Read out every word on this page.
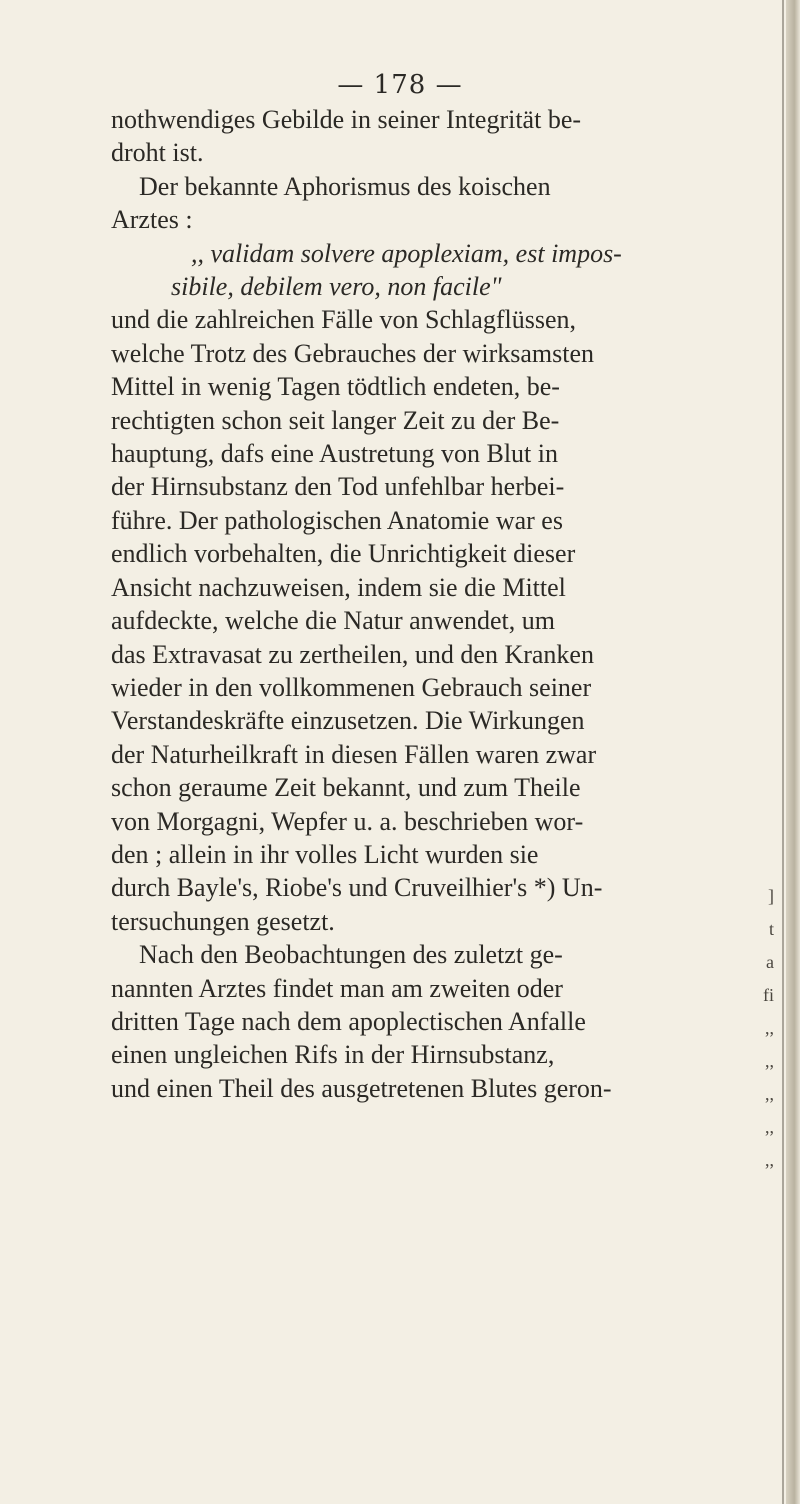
— 178 —
nothwendiges Gebilde in seiner Integrität be-
droht ist.
Der bekannte Aphorismus des koischen
Arztes :
,, validam solvere apoplexiam, est impos-
sibile, debilem vero, non facile"
und die zahlreichen Fälle von Schlagflüssen,
welche Trotz des Gebrauches der wirksamsten
Mittel in wenig Tagen tödtlich endeten, be-
rechtigten schon seit langer Zeit zu der Be-
hauptung, dafs eine Austretung von Blut in
der Hirnsubstanz den Tod unfehlbar herbei-
führe. Der pathologischen Anatomie war es
endlich vorbehalten, die Unrichtigkeit dieser
Ansicht nachzuweisen, indem sie die Mittel
aufdeckte, welche die Natur anwendet, um
das Extravasat zu zertheilen, und den Kranken
wieder in den vollkommenen Gebrauch seiner
Verstandeskräfte einzusetzen. Die Wirkungen
der Naturheilkraft in diesen Fällen waren zwar
schon geraume Zeit bekannt, und zum Theile
von Morgagni, Wepfer u. a. beschrieben wor-
den ; allein in ihr volles Licht wurden sie
durch Bayle's, Riobe's und Cruveilhier's *) Un-
tersuchungen gesetzt.
Nach den Beobachtungen des zuletzt ge-
nannten Arztes findet man am zweiten oder
dritten Tage nach dem apoplectischen Anfalle
einen ungleichen Rifs in der Hirnsubstanz,
und einen Theil des ausgetretenen Blutes geron-
]
t
a
fi
,,
,,
,,
,,
,,
